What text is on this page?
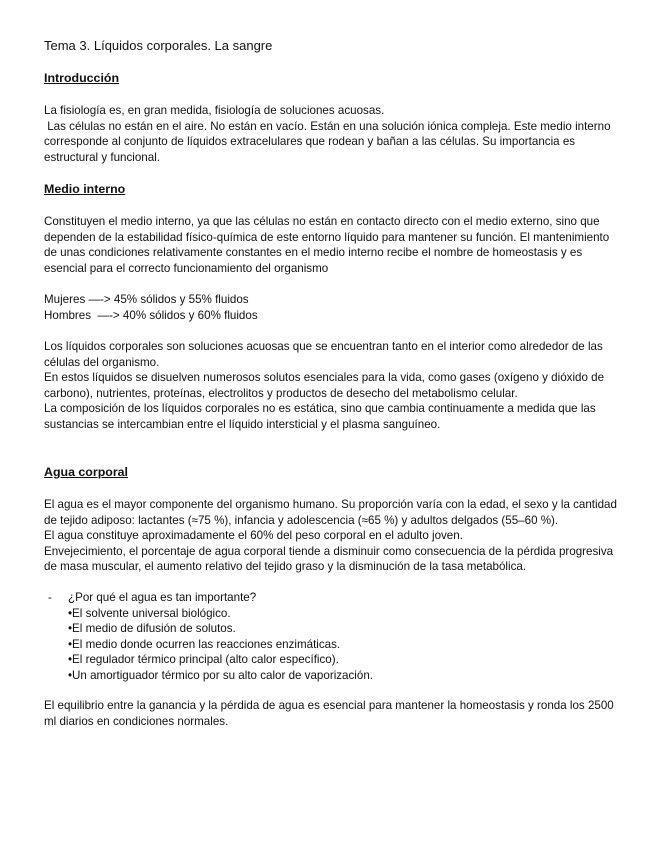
Tema 3. Líquidos corporales. La sangre
Introducción

La fisiología es, en gran medida, fisiología de soluciones acuosas.

Las células no están en el aire. No están en vacío. Están en una solución iónica compleja. Este medio interno corresponde al conjunto de líquidos extracelulares que rodean y bañan a las células. Su importancia es estructural y funcional.

Medio interno
Constituyen el medio interno, ya que las células no están en contacto directo con el medio externo, sino que dependen de la estabilidad físico-química de este entorno líquido para mantener su función. El mantenimiento de unas condiciones relativamente constantes en el medio interno recibe el nombre de homeostasis y es esencial para el correcto funcionamiento del organismo
Mujeres —-> 45% sólidos y 55% fluidos
Hombres  —-> 40% sólidos y 60% fluidos

Los líquidos corporales son soluciones acuosas que se encuentran tanto en el interior como alrededor de las células del organismo.

En estos líquidos se disuelven numerosos solutos esenciales para la vida, como gases (oxígeno y dióxido de carbono), nutrientes, proteínas, electrolitos y productos de desecho del metabolismo celular.

La composición de los líquidos corporales no es estática, sino que cambia continuamente a medida que las sustancias se intercambian entre el líquido intersticial y el plasma sanguíneo.

Agua corporal

El agua es el mayor componente del organismo humano. Su proporción varía con la edad, el sexo y la cantidad de tejido adiposo: lactantes (≈75 %), infancia y adolescencia (≈65 %) y adultos delgados (55–60 %).

El agua constituye aproximadamente el 60% del peso corporal en el adulto joven.

Envejecimiento, el porcentaje de agua corporal tiende a disminuir como consecuencia de la pérdida progresiva de masa muscular, el aumento relativo del tejido graso y la disminución de la tasa metabólica.

- ¿Por qué el agua es tan importante?
•El solvente universal biológico.
•El medio de difusión de solutos.
•El medio donde ocurren las reacciones enzimáticas.
•El regulador térmico principal (alto calor específico).
•Un amortiguador térmico por su alto calor de vaporización.
El equilibrio entre la ganancia y la pérdida de agua es esencial para mantener la homeostasis y ronda los 2500 ml diarios en condiciones normales.
